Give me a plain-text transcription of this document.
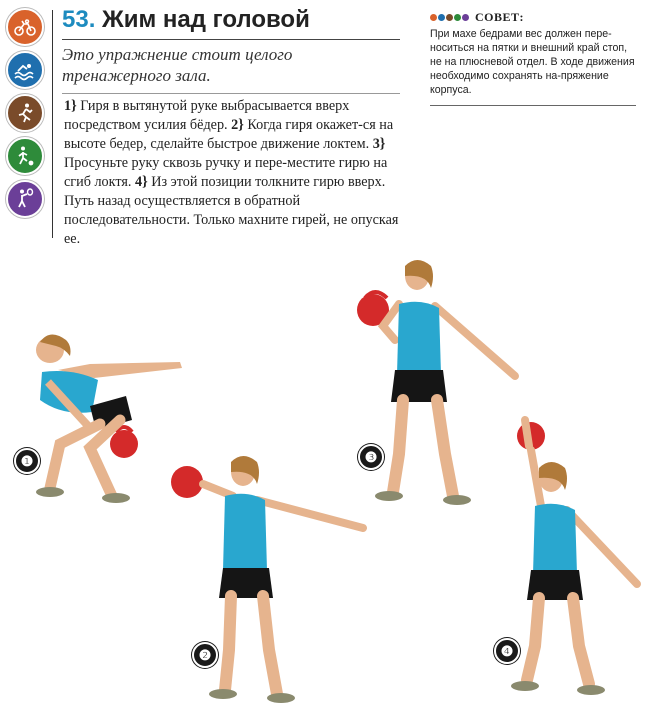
53. Жим над головой
Это упражнение стоит целого тренажерного зала.
1} Гиря в вытянутой руке выбрасывается вверх посредством усилия бёдер. 2} Когда гиря окажет-ся на высоте бедер, сделайте быстрое движение локтем. 3} Просуньте руку сквозь ручку и пере-местите гирю на сгиб локтя. 4} Из этой позиции толкните гирю вверх. Путь назад осуществляется в обратной последовательности. Только махните гирей, не опуская ее.
СОВЕТ:
При махе бедрами вес должен пере-носиться на пятки и внешний край стоп, не на плюсневой отдел. В ходе движения необходимо сохранять на-пряжение корпуса.
❶
❷
❸
❹
